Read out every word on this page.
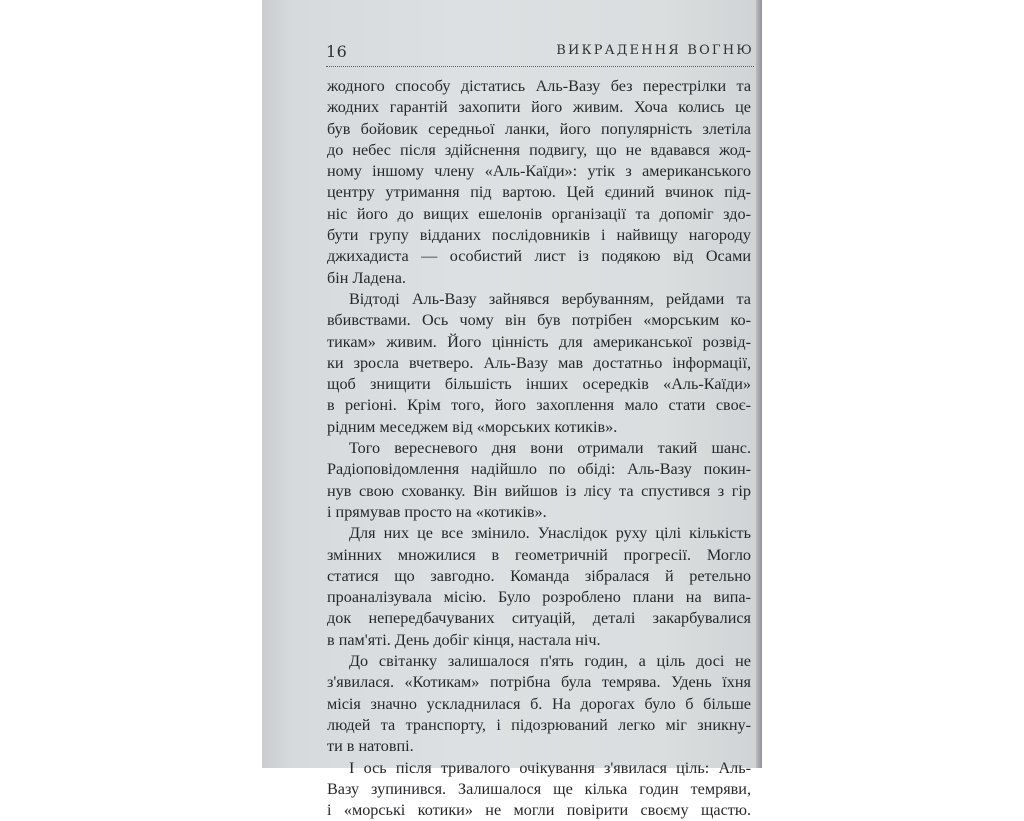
16	ВИКРАДЕННЯ ВОГНЮ
жодного способу дістатись Аль-Вазу без перестрілки та
жодних гарантій захопити його живим. Хоча колись це
був бойовик середньої ланки, його популярність злетіла
до небес після здійснення подвигу, що не вдавався жод-
ному іншому члену «Аль-Каїди»: утік з американського
центру утримання під вартою. Цей єдиний вчинок під-
ніс його до вищих ешелонів організації та допоміг здо-
бути групу відданих послідовників і найвищу нагороду
джихадиста — особистий лист із подякою від Осами
бін Ладена.
Відтоді Аль-Вазу зайнявся вербуванням, рейдами та
вбивствами. Ось чому він був потрібен «морським ко-
тикам» живим. Його цінність для американської розвід-
ки зросла вчетверо. Аль-Вазу мав достатньо інформації,
щоб знищити більшість інших осередків «Аль-Каїди»
в регіоні. Крім того, його захоплення мало стати своє-
рідним меседжем від «морських котиків».
Того вересневого дня вони отримали такий шанс.
Радіоповідомлення надійшло по обіді: Аль-Вазу покин-
нув свою схованку. Він вийшов із лісу та спустився з гір
і прямував просто на «котиків».
Для них це все змінило. Унаслідок руху цілі кількість
змінних множилися в геометричній прогресії. Могло
статися що завгодно. Команда зібралася й ретельно
проаналізувала місію. Було розроблено плани на випа-
док непередбачуваних ситуацій, деталі закарбувалися
в пам'яті. День добіг кінця, настала ніч.
До світанку залишалося п'ять годин, а ціль досі не
з'явилася. «Котикам» потрібна була темрява. Удень їхня
місія значно ускладнилася б. На дорогах було б більше
людей та транспорту, і підозрюваний легко міг зникну-
ти в натовпі.
І ось після тривалого очікування з'явилася ціль: Аль-
Вазу зупинився. Залишалося ще кілька годин темряви,
і «морські котики» не могли повірити своєму щастю.
